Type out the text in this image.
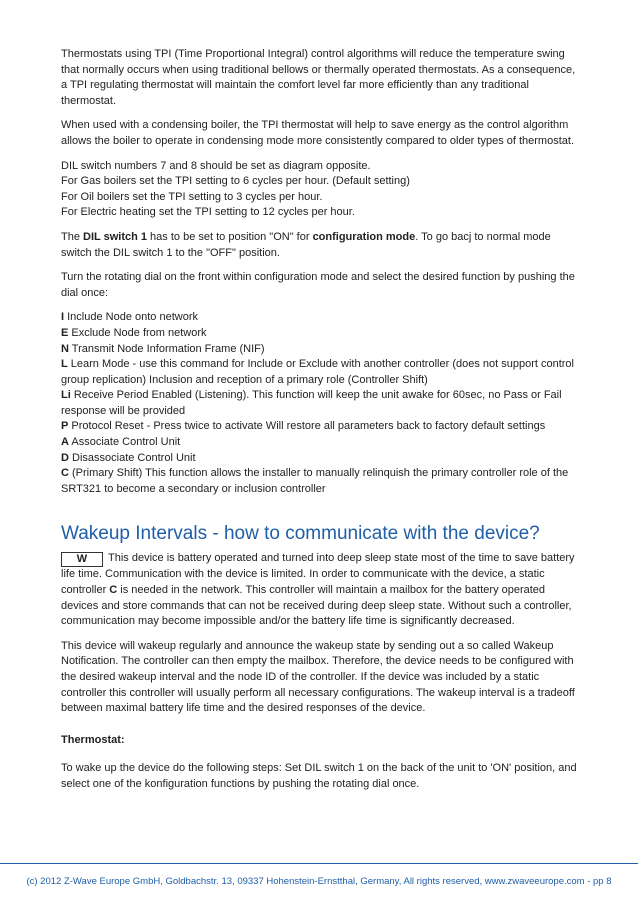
Thermostats using TPI (Time Proportional Integral) control algorithms will reduce the temperature swing that normally occurs when using traditional bellows or thermally operated thermostats. As a consequence, a TPI regulating thermostat will maintain the comfort level far more efficiently than any traditional thermostat.

When used with a condensing boiler, the TPI thermostat will help to save energy as the control algorithm allows the boiler to operate in condensing mode more consistently compared to older types of thermostat.

DIL switch numbers 7 and 8 should be set as diagram opposite.
For Gas boilers set the TPI setting to 6 cycles per hour. (Default setting)
For Oil boilers set the TPI setting to 3 cycles per hour.
For Electric heating set the TPI setting to 12 cycles per hour.

The DIL switch 1 has to be set to position "ON" for configuration mode. To go bacj to normal mode switch the DIL switch 1 to the "OFF" position.

Turn the rotating dial on the front within configuration mode and select the desired function by pushing the dial once:

I Include Node onto network
E Exclude Node from network
N Transmit Node Information Frame (NIF)
L Learn Mode - use this command for Include or Exclude with another controller (does not support control group replication) Inclusion and reception of a primary role (Controller Shift)
Li Receive Period Enabled (Listening). This function will keep the unit awake for 60sec, no Pass or Fail response will be provided
P Protocol Reset - Press twice to activate Will restore all parameters back to factory default settings
A Associate Control Unit
D Disassociate Control Unit
C (Primary Shift) This function allows the installer to manually relinquish the primary controller role of the SRT321 to become a secondary or inclusion controller

Wakeup Intervals - how to communicate with the device?

W This device is battery operated and turned into deep sleep state most of the time to save battery life time. Communication with the device is limited. In order to communicate with the device, a static controller C is needed in the network. This controller will maintain a mailbox for the battery operated devices and store commands that can not be received during deep sleep state. Without such a controller, communication may become impossible and/or the battery life time is significantly decreased.

This device will wakeup regularly and announce the wakeup state by sending out a so called Wakeup Notification. The controller can then empty the mailbox. Therefore, the device needs to be configured with the desired wakeup interval and the node ID of the controller. If the device was included by a static controller this controller will usually perform all necessary configurations. The wakeup interval is a tradeoff between maximal battery life time and the desired responses of the device.

Thermostat:

To wake up the device do the following steps: Set DIL switch 1 on the back of the unit to 'ON' position, and select one of the konfiguration functions by pushing the rotating dial once.

(c) 2012 Z-Wave Europe GmbH, Goldbachstr. 13, 09337 Hohenstein-Ernstthal, Germany, All rights reserved, www.zwaveeurope.com - pp 8
